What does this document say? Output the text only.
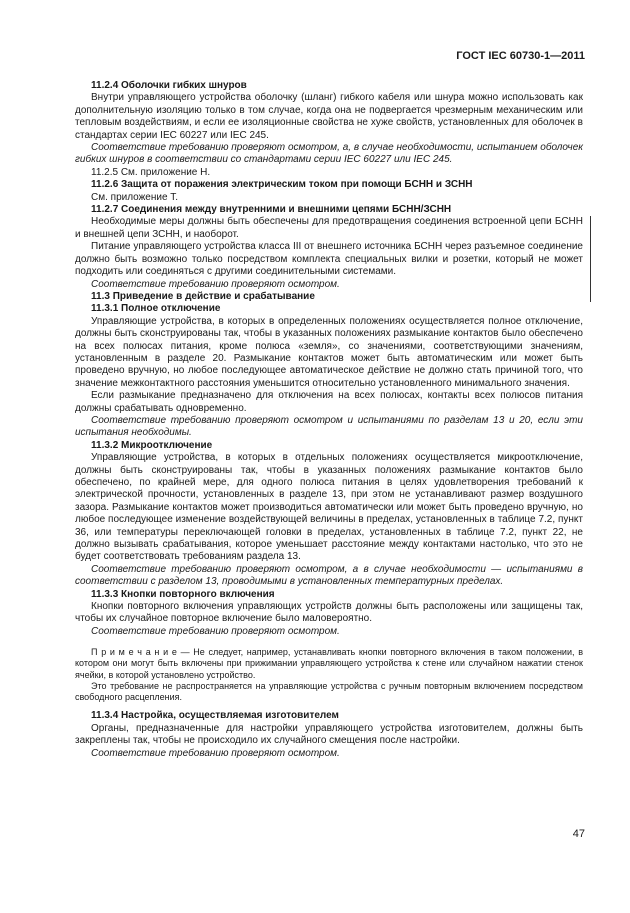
ГОСТ IEC 60730-1—2011

11.2.4 Оболочки гибких шнуров

Внутри управляющего устройства оболочку (шланг) гибкого кабеля или шнура можно использовать как дополнительную изоляцию только в том случае, когда она не подвергается чрезмерным механическим или тепловым воздействиям, и если ее изоляционные свойства не хуже свойств, установленных для оболочек в стандартах серии IEC 60227 или IEC 245.

Соответствие требованию проверяют осмотром, а, в случае необходимости, испытанием оболочек гибких шнуров в соответствии со стандартами серии IEC 60227 или IEC 245.

11.2.5 См. приложение Н.

11.2.6 Защита от поражения электрическим током при помощи БСНН и ЗСНН

См. приложение Т.

11.2.7 Соединения между внутренними и внешними цепями БСНН/ЗСНН

Необходимые меры должны быть обеспечены для предотвращения соединения встроенной цепи БСНН и внешней цепи ЗСНН, и наоборот.

Питание управляющего устройства класса III от внешнего источника БСНН через разъемное соединение должно быть возможно только посредством комплекта специальных вилки и розетки, который не может подходить или соединяться с другими соединительными системами.

Соответствие требованию проверяют осмотром.

11.3 Приведение в действие и срабатывание

11.3.1 Полное отключение

Управляющие устройства, в которых в определенных положениях осуществляется полное отключение, должны быть сконструированы так, чтобы в указанных положениях размыкание контактов было обеспечено на всех полюсах питания, кроме полюса «земля», со значениями, соответствующими значениям, установленным в разделе 20. Размыкание контактов может быть автоматическим или может быть проведено вручную, но любое последующее автоматическое действие не должно стать причиной того, что значение межконтактного расстояния уменьшится относительно установленного минимального значения.

Если размыкание предназначено для отключения на всех полюсах, контакты всех полюсов питания должны срабатывать одновременно.

Соответствие требованию проверяют осмотром и испытаниями по разделам 13 и 20, если эти испытания необходимы.

11.3.2 Микроотключение

Управляющие устройства, в которых в отдельных положениях осуществляется микроотключение, должны быть сконструированы так, чтобы в указанных положениях размыкание контактов было обеспечено, по крайней мере, для одного полюса питания в целях удовлетворения требований к электрической прочности, установленных в разделе 13, при этом не устанавливают размер воздушного зазора. Размыкание контактов может производиться автоматически или может быть проведено вручную, но любое последующее изменение воздействующей величины в пределах, установленных в таблице 7.2, пункт 36, или температуры переключающей головки в пределах, установленных в таблице 7.2, пункт 22, не должно вызывать срабатывания, которое уменьшает расстояние между контактами настолько, что это не будет соответствовать требованиям раздела 13.

Соответствие требованию проверяют осмотром, а в случае необходимости — испытаниями в соответствии с разделом 13, проводимыми в установленных температурных пределах.

11.3.3 Кнопки повторного включения

Кнопки повторного включения управляющих устройств должны быть расположены или защищены так, чтобы их случайное повторное включение было маловероятно.

Соответствие требованию проверяют осмотром.

П р и м е ч а н и е — Не следует, например, устанавливать кнопки повторного включения в таком положении, в котором они могут быть включены при прижимании управляющего устройства к стене или случайном нажатии стенок ячейки, в которой установлено устройство.

Это требование не распространяется на управляющие устройства с ручным повторным включением посредством свободного расцепления.

11.3.4 Настройка, осуществляемая изготовителем

Органы, предназначенные для настройки управляющего устройства изготовителем, должны быть закреплены так, чтобы не происходило их случайного смещения после настройки.

Соответствие требованию проверяют осмотром.

47
